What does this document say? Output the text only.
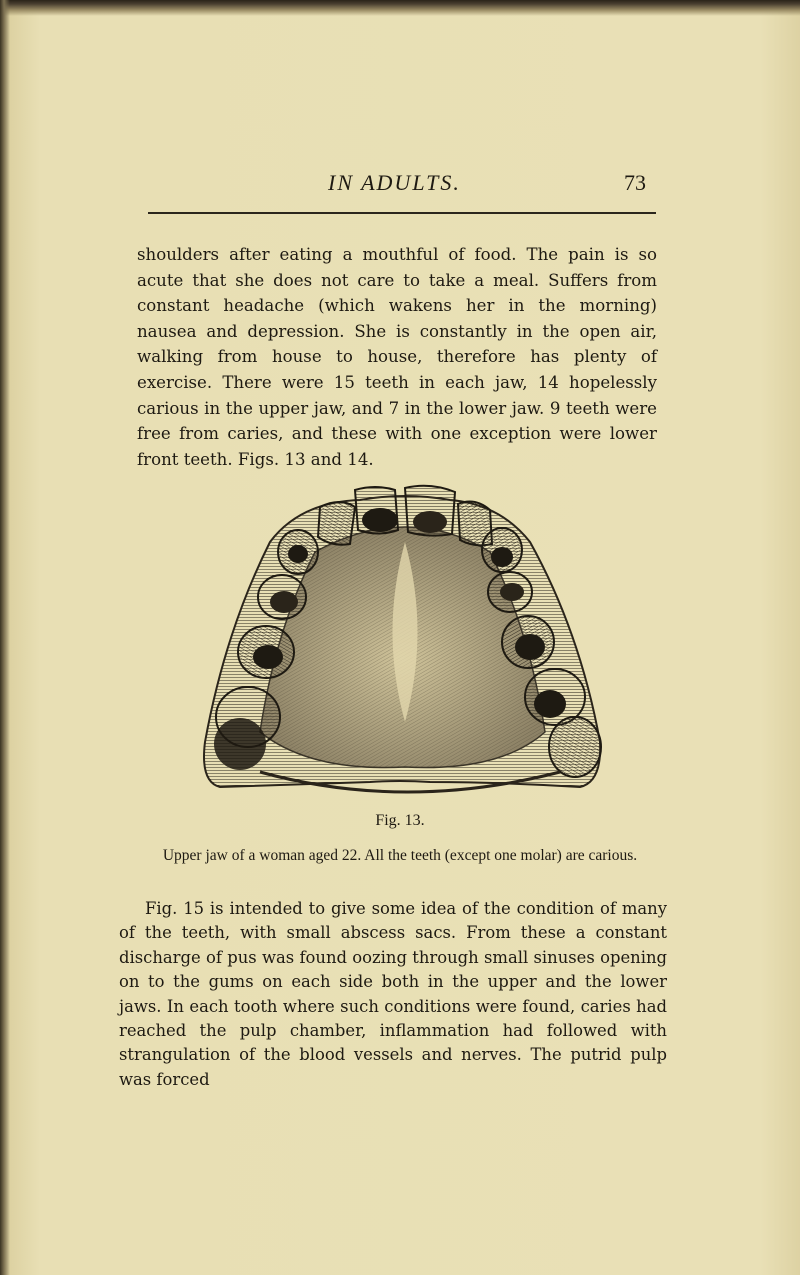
IN ADULTS.	73

shoulders after eating a mouthful of food. The pain is so acute that she does not care to take a meal. Suffers from constant headache (which wakens her in the morning) nausea and depression. She is constantly in the open air, walking from house to house, therefore has plenty of exercise. There were 15 teeth in each jaw, 14 hopelessly carious in the upper jaw, and 7 in the lower jaw. 9 teeth were free from caries, and these with one exception were lower front teeth. Figs. 13 and 14.

Fig. 13.
Upper jaw of a woman aged 22. All the teeth (except one molar) are carious.

Fig. 15 is intended to give some idea of the condition of many of the teeth, with small abscess sacs. From these a constant discharge of pus was found oozing through small sinuses opening on to the gums on each side both in the upper and the lower jaws. In each tooth where such conditions were found, caries had reached the pulp chamber, inflammation had followed with strangulation of the blood vessels and nerves. The putrid pulp was forced
